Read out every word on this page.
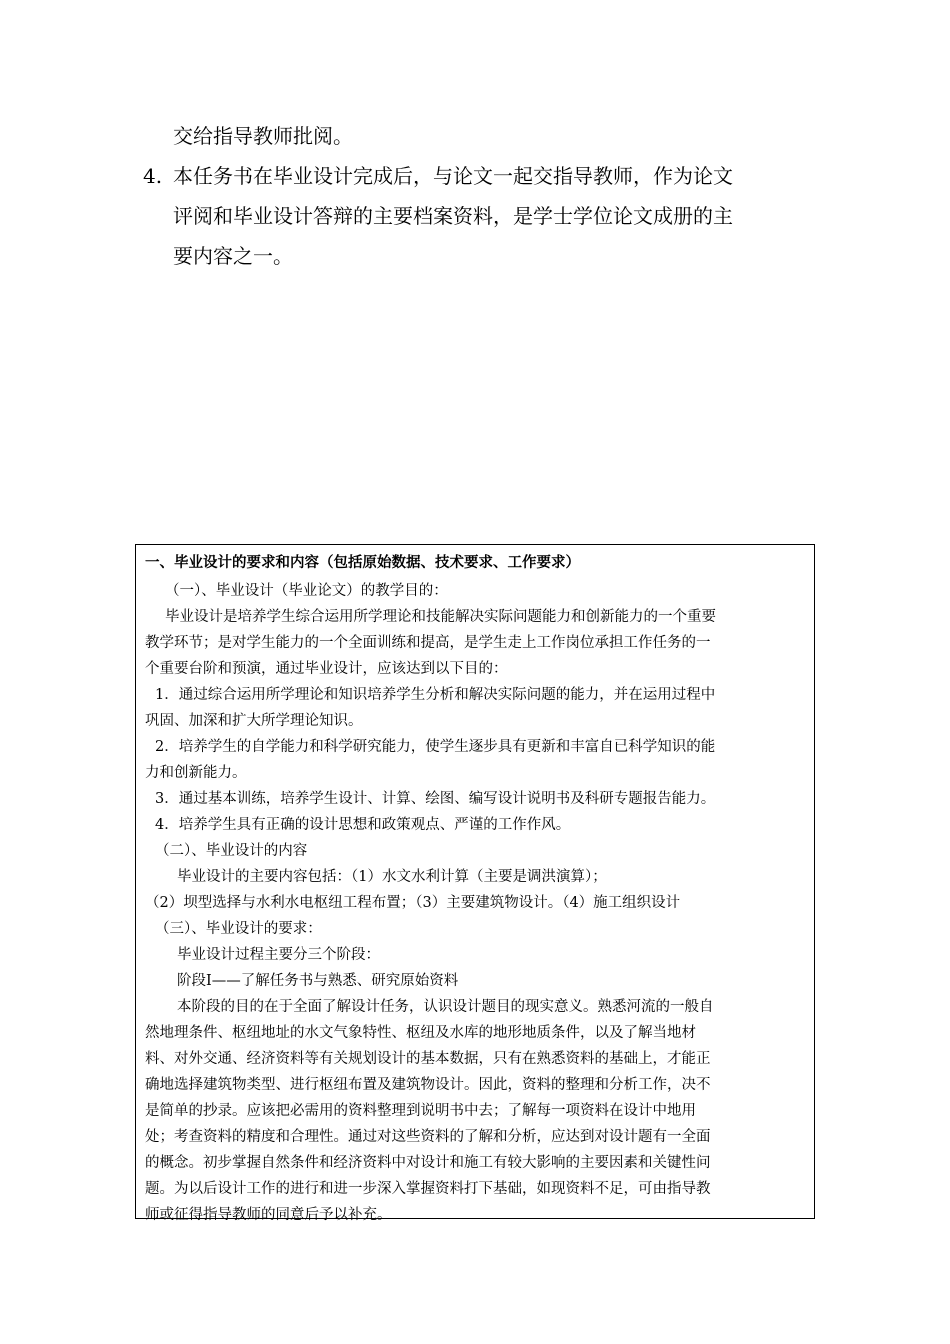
交给指导教师批阅。
4. 本任务书在毕业设计完成后，与论文一起交指导教师，作为论文
评阅和毕业设计答辩的主要档案资料，是学士学位论文成册的主
要内容之一。
一、毕业设计的要求和内容（包括原始数据、技术要求、工作要求）
（一）、毕业设计（毕业论文）的教学目的：
毕业设计是培养学生综合运用所学理论和技能解决实际问题能力和创新能力的一个重要
教学环节；是对学生能力的一个全面训练和提高，是学生走上工作岗位承担工作任务的一
个重要台阶和预演，通过毕业设计，应该达到以下目的：
1．通过综合运用所学理论和知识培养学生分析和解决实际问题的能力，并在运用过程中
巩固、加深和扩大所学理论知识。
2．培养学生的自学能力和科学研究能力，使学生逐步具有更新和丰富自已科学知识的能
力和创新能力。
3．通过基本训练，培养学生设计、计算、绘图、编写设计说明书及科研专题报告能力。
4．培养学生具有正确的设计思想和政策观点、严谨的工作作风。
（二）、毕业设计的内容
毕业设计的主要内容包括：（1）水文水利计算（主要是调洪演算）；
（2）坝型选择与水利水电枢纽工程布置；（3）主要建筑物设计。（4）施工组织设计
（三）、毕业设计的要求：
毕业设计过程主要分三个阶段：
阶段Ⅰ——了解任务书与熟悉、研究原始资料
本阶段的目的在于全面了解设计任务，认识设计题目的现实意义。熟悉河流的一般自
然地理条件、枢纽地址的水文气象特性、枢纽及水库的地形地质条件，以及了解当地材
料、对外交通、经济资料等有关规划设计的基本数据，只有在熟悉资料的基础上，才能正
确地选择建筑物类型、进行枢纽布置及建筑物设计。因此，资料的整理和分析工作，决不
是简单的抄录。应该把必需用的资料整理到说明书中去；了解每一项资料在设计中地用
处；考查资料的精度和合理性。通过对这些资料的了解和分析，应达到对设计题有一全面
的概念。初步掌握自然条件和经济资料中对设计和施工有较大影响的主要因素和关键性问
题。为以后设计工作的进行和进一步深入掌握资料打下基础，如现资料不足，可由指导教
师或征得指导教师的同意后予以补充。
